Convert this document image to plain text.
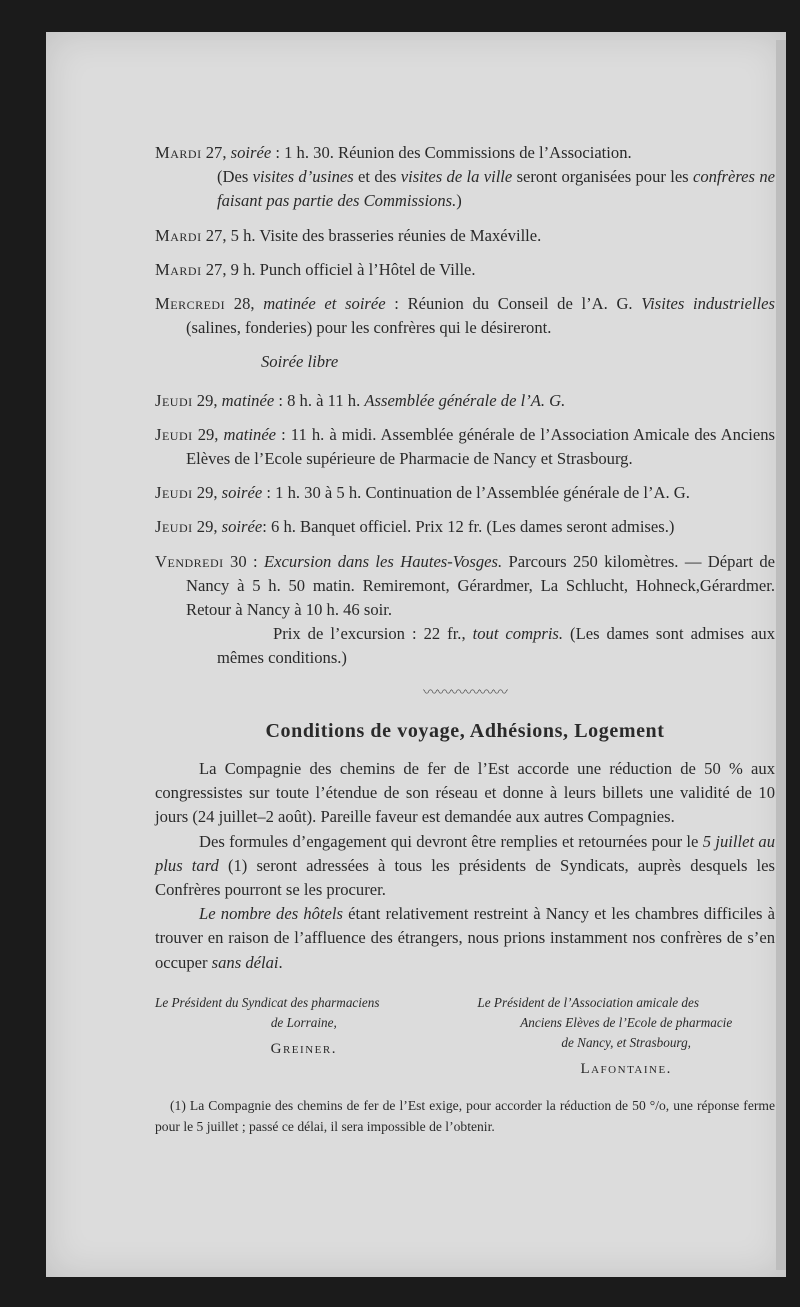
Mardi 27, soirée : 1 h. 30. Réunion des Commissions de l’Association.

(Des visites d’usines et des visites de la ville seront organisées pour les confrères ne faisant pas partie des Commissions.)

Mardi 27, 5 h. Visite des brasseries réunies de Maxéville.

Mardi 27, 9 h. Punch officiel à l’Hôtel de Ville.

Mercredi 28, matinée et soirée : Réunion du Conseil de l’A. G. Visites industrielles (salines, fonderies) pour les confrères qui le désireront.

Soirée libre

Jeudi 29, matinée : 8 h. à 11 h. Assemblée générale de l’A. G.

Jeudi 29, matinée : 11 h. à midi. Assemblée générale de l’Association Amicale des Anciens Elèves de l’Ecole supérieure de Pharmacie de Nancy et Strasbourg.

Jeudi 29, soirée : 1 h. 30 à 5 h. Continuation de l’Assemblée générale de l’A. G.

Jeudi 29, soirée: 6 h. Banquet officiel. Prix 12 fr. (Les dames seront admises.)

Vendredi 30 : Excursion dans les Hautes-Vosges. Parcours 250 kilomètres. — Départ de Nancy à 5 h. 50 matin. Remiremont, Gérardmer, La Schlucht, Hohneck,Gérardmer. Retour à Nancy à 10 h. 46 soir.

Prix de l’excursion : 22 fr., tout compris. (Les dames sont admises aux mêmes conditions.)

〰〰〰〰〰〰
Conditions de voyage, Adhésions, Logement

La Compagnie des chemins de fer de l’Est accorde une réduction de 50 % aux congressistes sur toute l’étendue de son réseau et donne à leurs billets une validité de 10 jours (24 juillet–2 août). Pareille faveur est demandée aux autres Compagnies.

Des formules d’engagement qui devront être remplies et retournées pour le 5 juillet au plus tard (1) seront adressées à tous les présidents de Syndicats, auprès desquels les Confrères pourront se les procurer.

Le nombre des hôtels étant relativement restreint à Nancy et les chambres difficiles à trouver en raison de l’affluence des étrangers, nous prions instamment nos confrères de s’en occuper sans délai.

Le Président du Syndicat des pharmaciens

de Lorraine,
Greiner.
Le Président de l’Association amicale des

Anciens Elèves de l’Ecole de pharmacie
de Nancy, et Strasbourg,
Lafontaine.

(1) La Compagnie des chemins de fer de l’Est exige, pour accorder la réduction de 50 °/o, une réponse ferme pour le 5 juillet ; passé ce délai, il sera impossible de l’obtenir.
